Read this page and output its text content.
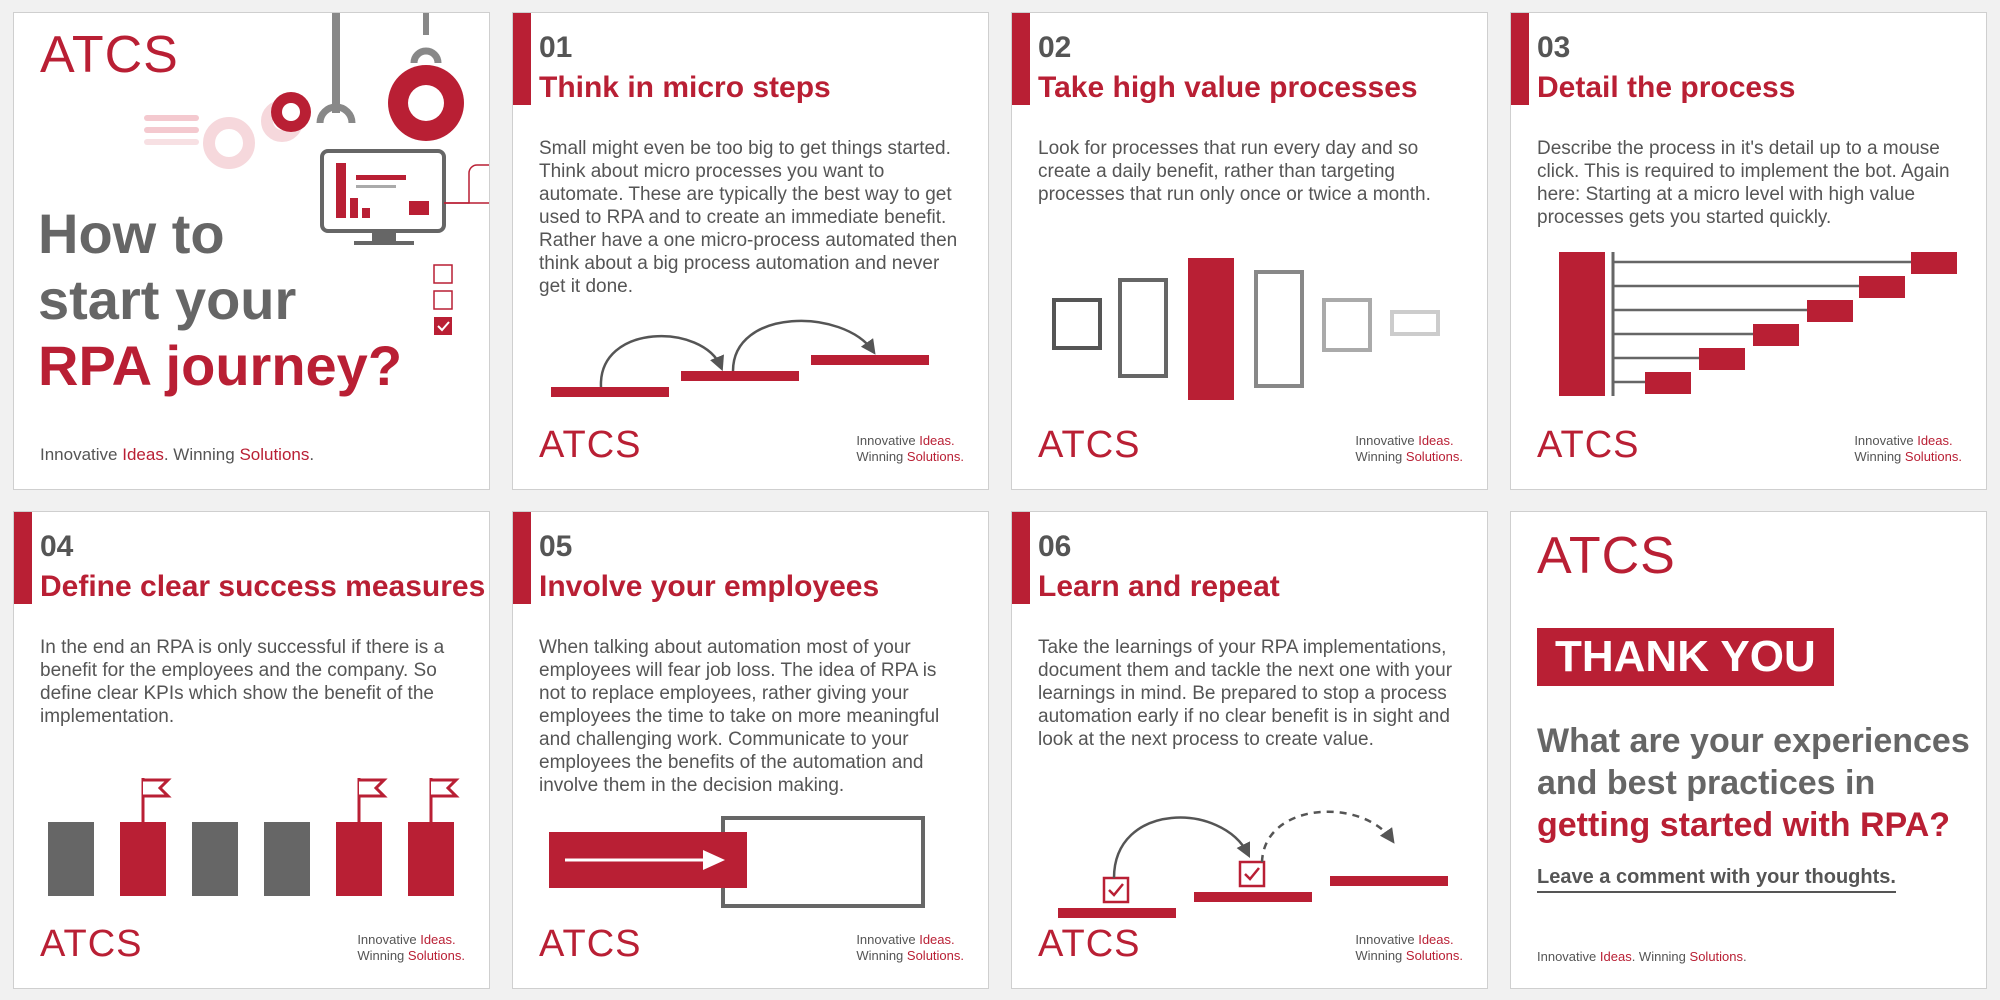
ATCS
How to
start your
RPA journey?
Innovative Ideas. Winning Solutions.
01
Think in micro steps
Small might even be too big to get things started. Think about micro processes you want to automate. These are typically the best way to get used to RPA and to create an immediate benefit. Rather have a one micro-process automated then think about a big process automation and never get it done.
ATCS	Innovative Ideas.
Winning Solutions.
02
Take high value processes
Look for processes that run every day and so create a daily benefit, rather than targeting processes that run only once or twice a month.
ATCS	Innovative Ideas.
Winning Solutions.
03
Detail the process
Describe the process in it's detail up to a mouse click. This is required to implement the bot. Again here: Starting at a micro level with high value processes gets you started quickly.
ATCS	Innovative Ideas.
Winning Solutions.
04
Define clear success measures
In the end an RPA is only successful if there is a benefit for the employees and the company. So define clear KPIs which show the benefit of the implementation.
ATCS	Innovative Ideas.
Winning Solutions.
05
Involve your employees
When talking about automation most of your employees will fear job loss. The idea of RPA is not to replace employees, rather giving your employees the time to take on more meaningful and challenging work. Communicate to your employees the benefits of the automation and involve them in the decision making.
ATCS	Innovative Ideas.
Winning Solutions.
06
Learn and repeat
Take the learnings of your RPA implementations, document them and tackle the next one with your learnings in mind. Be prepared to stop a process automation early if no clear benefit is in sight and look at the next process to create value.
ATCS	Innovative Ideas.
Winning Solutions.
ATCS
THANK YOU
What are your experiences
and best practices in
getting started with RPA?
Leave a comment with your thoughts.
Innovative Ideas. Winning Solutions.
